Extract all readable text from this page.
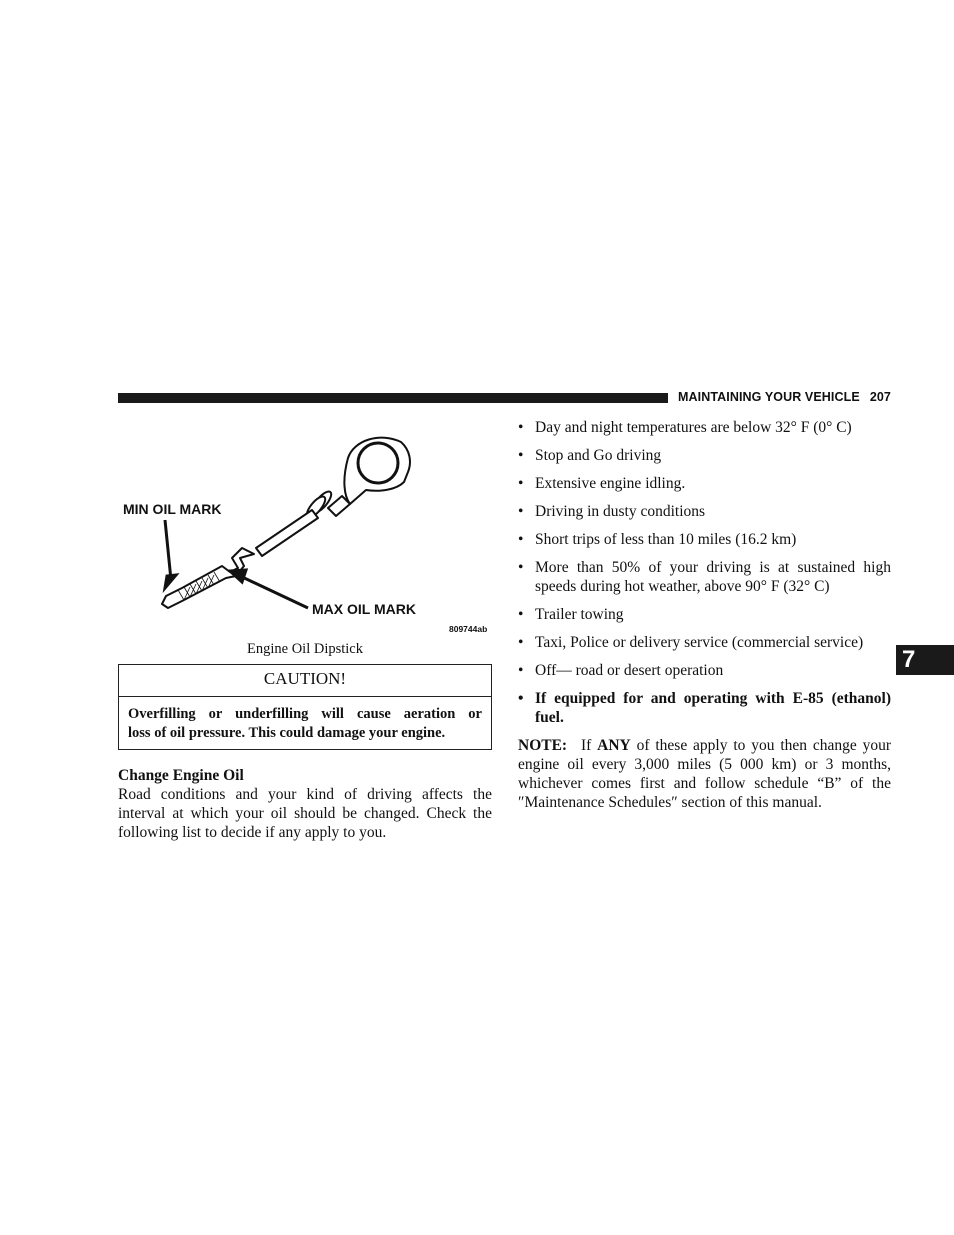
MAINTAINING YOUR VEHICLE 207
7
MIN OIL MARK
MAX OIL MARK
809744ab
Engine Oil Dipstick
CAUTION!
Overfilling or underfilling will cause aeration or
loss of oil pressure. This could damage your engine.
Change Engine Oil
Road conditions and your kind of driving affects the interval at which your oil should be changed. Check the following list to decide if any apply to you.
• Day and night temperatures are below 32° F (0° C)
• Stop and Go driving
• Extensive engine idling.
• Driving in dusty conditions
• Short trips of less than 10 miles (16.2 km)
• More than 50% of your driving is at sustained high speeds during hot weather, above 90° F (32° C)
• Trailer towing
• Taxi, Police or delivery service (commercial service)
• Off— road or desert operation
• If equipped for and operating with E-85 (ethanol) fuel.
NOTE: If ANY of these apply to you then change your engine oil every 3,000 miles (5 000 km) or 3 months, whichever comes first and follow schedule “B” of the ″Maintenance Schedules″ section of this manual.
